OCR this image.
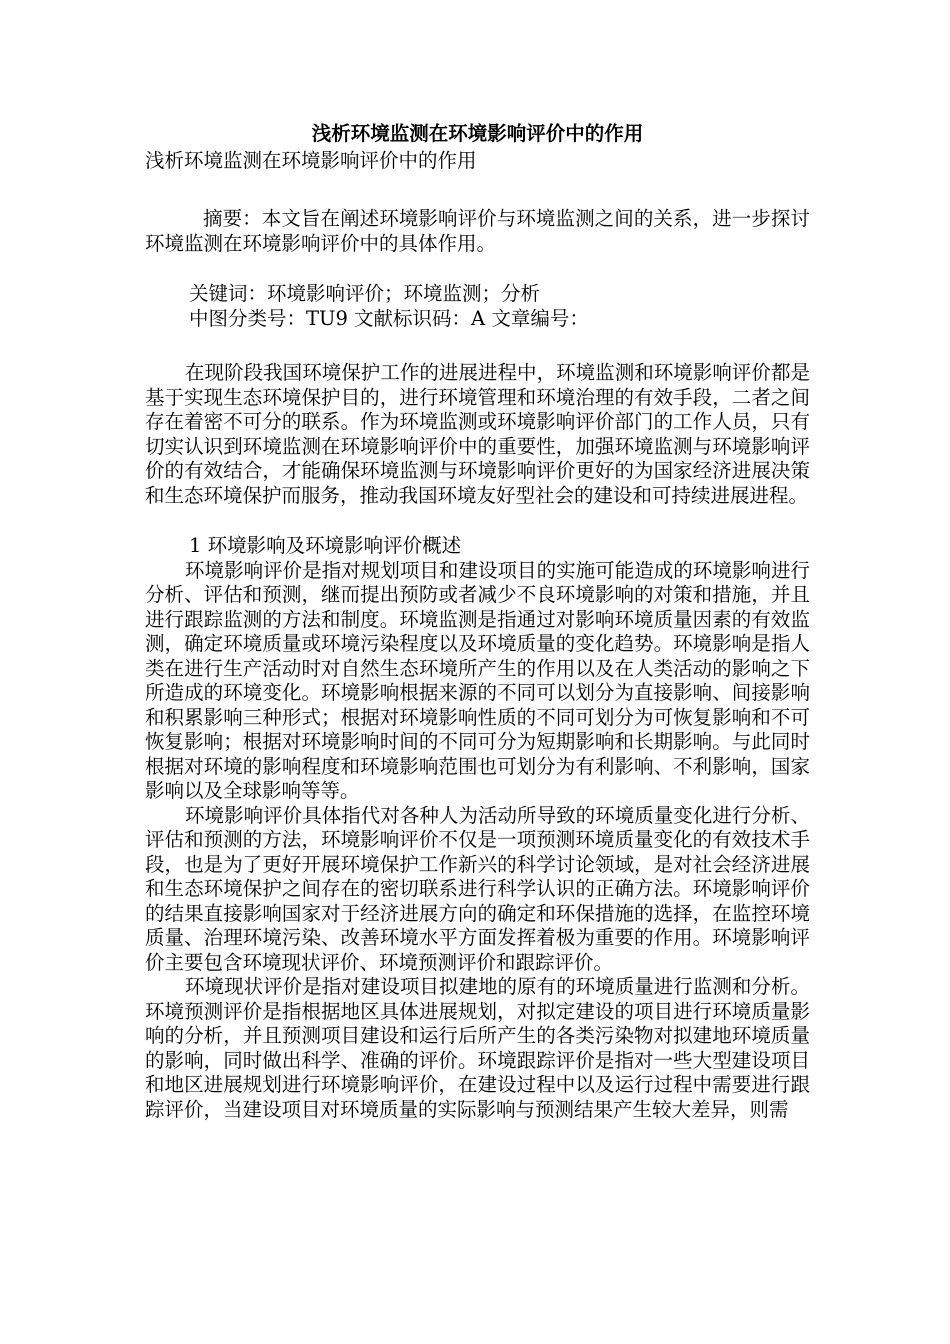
浅析环境监测在环境影响评价中的作用

浅析环境监测在环境影响评价中的作用

摘要：本文旨在阐述环境影响评价与环境监测之间的关系，进一步探讨环境监测在环境影响评价中的具体作用。

关键词：环境影响评价；环境监测；分析

中图分类号：TU9 文献标识码：A 文章编号：

在现阶段我国环境保护工作的进展进程中，环境监测和环境影响评价都是基于实现生态环境保护目的，进行环境管理和环境治理的有效手段，二者之间存在着密不可分的联系。作为环境监测或环境影响评价部门的工作人员，只有切实认识到环境监测在环境影响评价中的重要性，加强环境监测与环境影响评价的有效结合，才能确保环境监测与环境影响评价更好的为国家经济进展决策和生态环境保护而服务，推动我国环境友好型社会的建设和可持续进展进程。

1 环境影响及环境影响评价概述

环境影响评价是指对规划项目和建设项目的实施可能造成的环境影响进行分析、评估和预测，继而提出预防或者减少不良环境影响的对策和措施，并且进行跟踪监测的方法和制度。环境监测是指通过对影响环境质量因素的有效监测，确定环境质量或环境污染程度以及环境质量的变化趋势。环境影响是指人类在进行生产活动时对自然生态环境所产生的作用以及在人类活动的影响之下所造成的环境变化。环境影响根据来源的不同可以划分为直接影响、间接影响和积累影响三种形式；根据对环境影响性质的不同可划分为可恢复影响和不可恢复影响；根据对环境影响时间的不同可分为短期影响和长期影响。与此同时根据对环境的影响程度和环境影响范围也可划分为有利影响、不利影响，国家影响以及全球影响等等。

环境影响评价具体指代对各种人为活动所导致的环境质量变化进行分析、评估和预测的方法，环境影响评价不仅是一项预测环境质量变化的有效技术手段，也是为了更好开展环境保护工作新兴的科学讨论领域，是对社会经济进展和生态环境保护之间存在的密切联系进行科学认识的正确方法。环境影响评价的结果直接影响国家对于经济进展方向的确定和环保措施的选择，在监控环境质量、治理环境污染、改善环境水平方面发挥着极为重要的作用。环境影响评价主要包含环境现状评价、环境预测评价和跟踪评价。

环境现状评价是指对建设项目拟建地的原有的环境质量进行监测和分析。环境预测评价是指根据地区具体进展规划，对拟定建设的项目进行环境质量影响的分析，并且预测项目建设和运行后所产生的各类污染物对拟建地环境质量的影响，同时做出科学、准确的评价。环境跟踪评价是指对一些大型建设项目和地区进展规划进行环境影响评价，在建设过程中以及运行过程中需要进行跟踪评价，当建设项目对环境质量的实际影响与预测结果产生较大差异，则需
